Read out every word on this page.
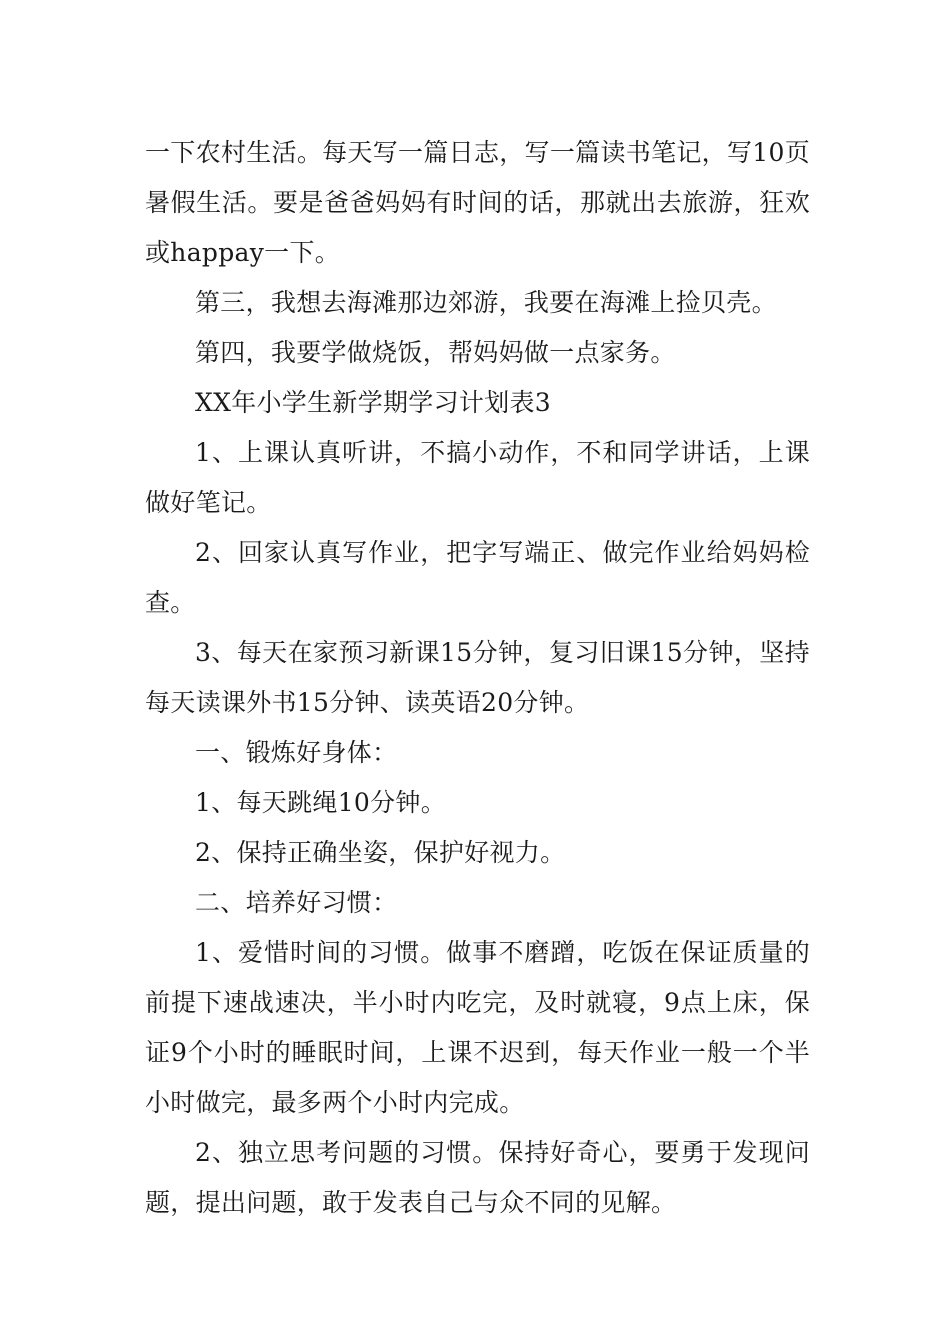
一下农村生活。每天写一篇日志，写一篇读书笔记，写10页暑假生活。要是爸爸妈妈有时间的话，那就出去旅游，狂欢或happay一下。

第三，我想去海滩那边郊游，我要在海滩上捡贝壳。

第四，我要学做烧饭，帮妈妈做一点家务。

XX年小学生新学期学习计划表3

1、上课认真听讲，不搞小动作，不和同学讲话，上课做好笔记。

2、回家认真写作业，把字写端正、做完作业给妈妈检查。

3、每天在家预习新课15分钟，复习旧课15分钟，坚持每天读课外书15分钟、读英语20分钟。

一、锻炼好身体：

1、每天跳绳10分钟。

2、保持正确坐姿，保护好视力。

二、培养好习惯：

1、爱惜时间的习惯。做事不磨蹭，吃饭在保证质量的前提下速战速决，半小时内吃完，及时就寝，9点上床，保证9个小时的睡眠时间，上课不迟到，每天作业一般一个半小时做完，最多两个小时内完成。

2、独立思考问题的习惯。保持好奇心，要勇于发现问题，提出问题，敢于发表自己与众不同的见解。
